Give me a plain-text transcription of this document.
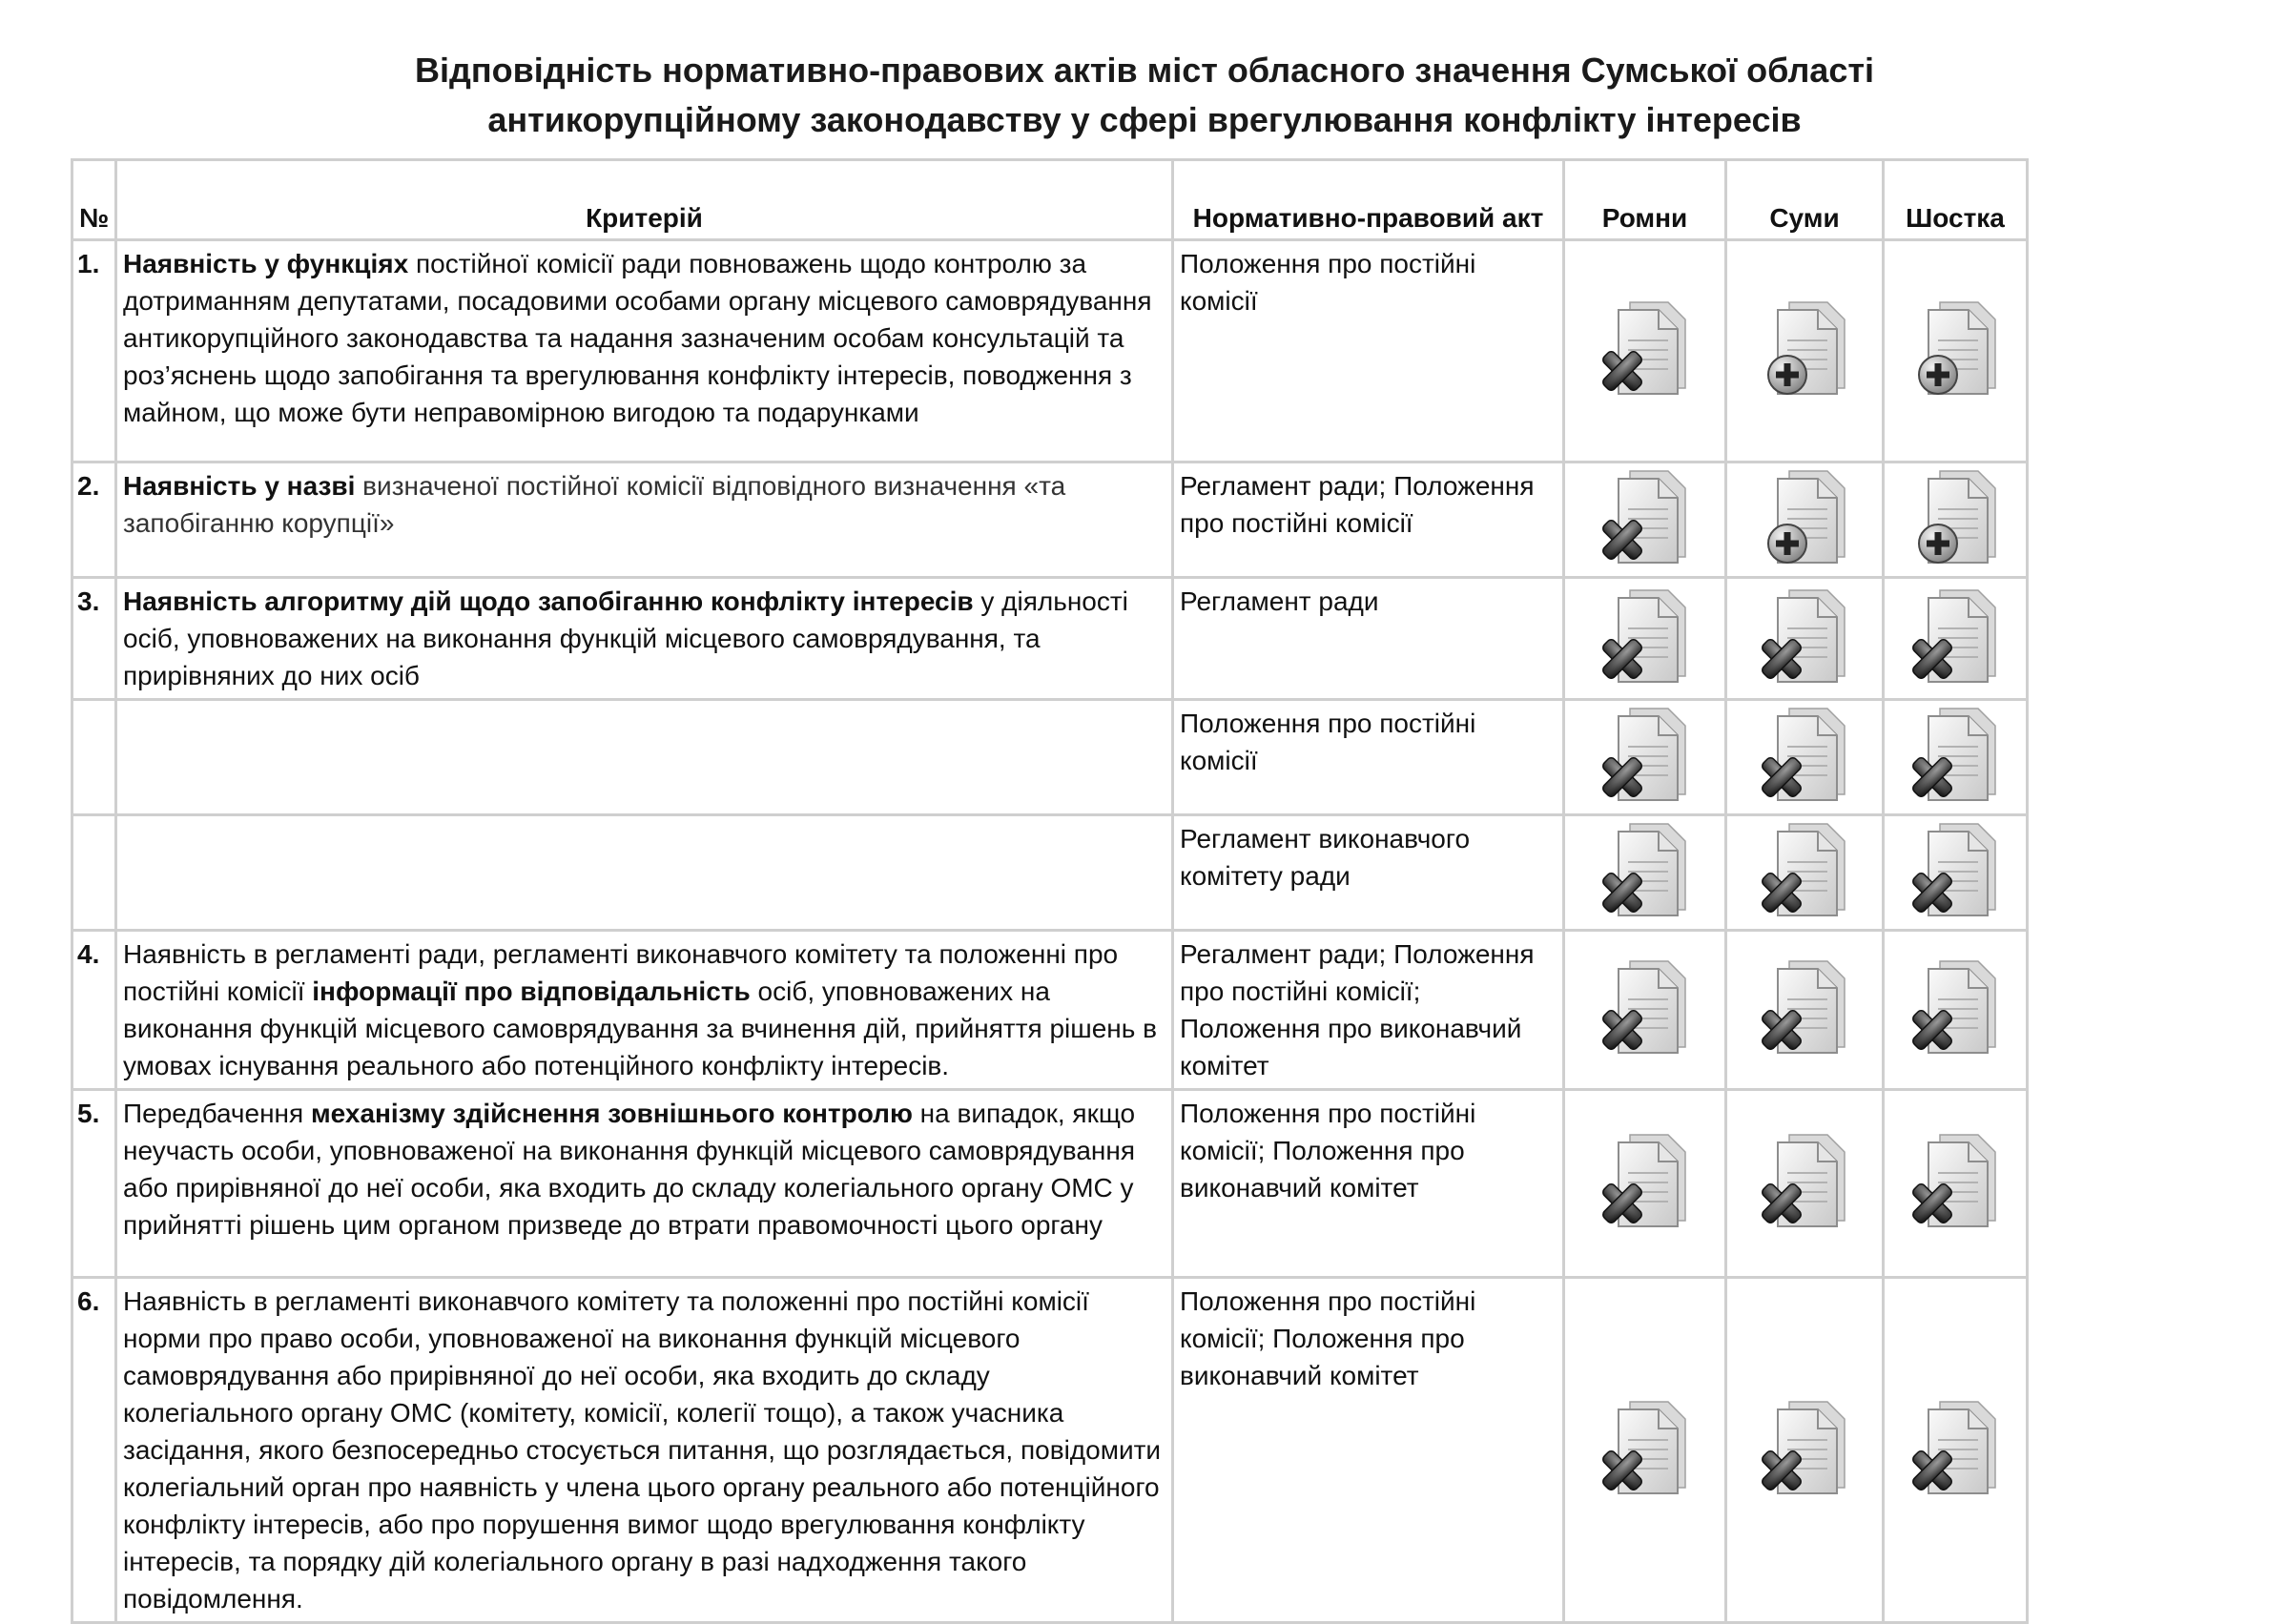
Відповідність нормативно-правових актів міст обласного значення Сумської області
антикорупційному законодавству у сфері врегулювання конфлікту інтересів
№	Критерій	Нормативно-правовий акт	Ромни	Суми	Шостка
1.	Наявність у функціях постійної комісії ради повноважень щодо контролю за дотриманням депутатами, посадовими особами органу місцевого самоврядування антикорупційного законодавства та надання зазначеним особам консультацій та роз’яснень щодо запобігання та врегулювання конфлікту інтересів, поводження з майном, що може бути неправомірною вигодою та подарунками	Положення про постійні комісії			
2.	Наявність у назві визначеної постійної комісії відповідного визначення «та запобіганню корупції»	Регламент ради; Положення про постійні комісії			
3.	Наявність алгоритму дій щодо запобіганню конфлікту інтересів у діяльності осіб, уповноважених на виконання функцій місцевого самоврядування, та прирівняних до них осіб	Регламент ради			
		Положення про постійні комісії			
		Регламент виконавчого комітету ради			
4.	Наявність в регламенті ради, регламенті виконавчого комітету та положенні про постійні комісії інформації про відповідальність осіб, уповноважених на виконання функцій місцевого самоврядування за вчинення дій, прийняття рішень в умовах існування реального або потенційного конфлікту інтересів.	Регалмент ради; Положення про постійні комісії; Положення про виконавчий комітет			
5.	Передбачення механізму здійснення зовнішнього контролю на випадок, якщо неучасть особи, уповноваженої на виконання функцій місцевого самоврядування або прирівняної до неї особи, яка входить до складу колегіального органу ОМС у прийнятті рішень цим органом призведе до втрати правомочності цього органу	Положення про постійні комісії; Положення про виконавчий комітет			
6.	Наявність в регламенті виконавчого комітету та положенні про постійні комісії норми про право особи, уповноваженої на виконання функцій місцевого самоврядування або прирівняної до неї особи, яка входить до складу колегіального органу ОМС (комітету, комісії, колегії тощо), а також учасника засідання, якого безпосередньо стосується питання, що розглядається, повідомити колегіальний орган про наявність у члена цього органу реального або потенційного конфлікту інтересів, або про порушення вимог щодо врегулювання конфлікту інтересів, та порядку дій колегіального органу в разі надходження такого повідомлення.	Положення про постійні комісії; Положення про виконавчий комітет			
